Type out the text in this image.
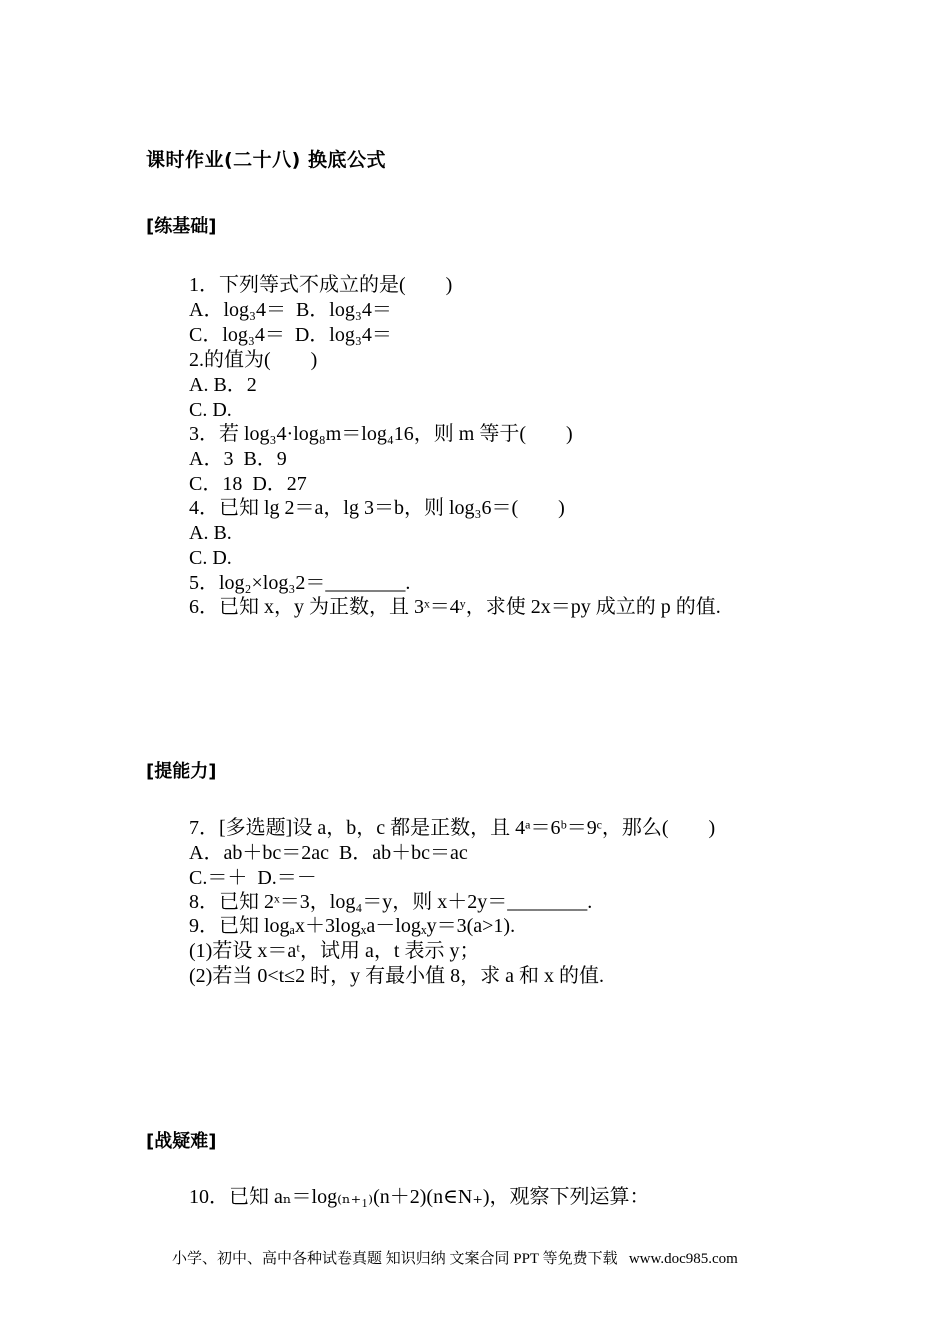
课时作业(二十八) 换底公式
[练基础]
1．下列等式不成立的是(　　)
A．log₃4＝  B．log₃4＝
C．log₃4＝  D．log₃4＝
2.的值为(　　)
A. B．2
C. D.
3．若 log₃4·log₈m＝log₄16，则 m 等于(　　)
A．3  B．9
C．18  D．27
4．已知 lg 2＝a，lg 3＝b，则 log₃6＝(　　)
A. B.
C. D.
5．log₂×log₃2＝________.
6．已知 x，y 为正数，且 3ˣ＝4ʸ，求使 2x＝py 成立的 p 的值.
[提能力]
7．[多选题]设 a，b，c 都是正数，且 4ᵃ＝6ᵇ＝9ᶜ，那么(　　)
A．ab＋bc＝2ac  B．ab＋bc＝ac
C.＝＋  D.＝－
8．已知 2ˣ＝3，log₄＝y，则 x＋2y＝________.
9．已知 logₐx＋3logₓa－logₓy＝3(a>1).
(1)若设 x＝aᵗ，试用 a，t 表示 y；
(2)若当 0<t≤2 时，y 有最小值 8，求 a 和 x 的值.
[战疑难]
10．已知 aₙ＝log₍ₙ₊₁₎(n＋2)(n∈N₊)，观察下列运算：
小学、初中、高中各种试卷真题 知识归纳 文案合同 PPT 等免费下载   www.doc985.com
